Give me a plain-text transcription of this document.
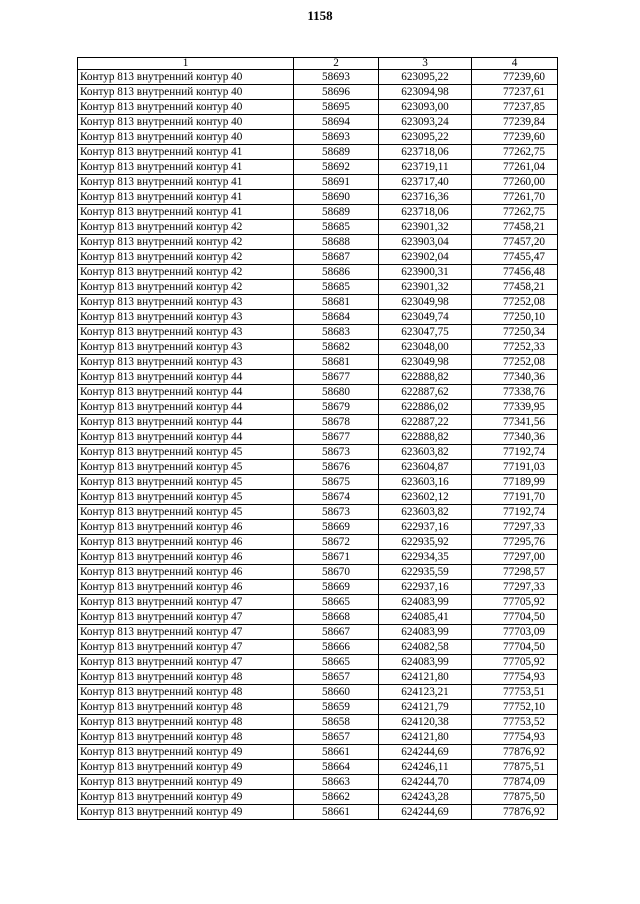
1158
1	2	3	4
Контур 813 внутренний контур 40	58693	623095,22	77239,60
Контур 813 внутренний контур 40	58696	623094,98	77237,61
Контур 813 внутренний контур 40	58695	623093,00	77237,85
Контур 813 внутренний контур 40	58694	623093,24	77239,84
Контур 813 внутренний контур 40	58693	623095,22	77239,60
Контур 813 внутренний контур 41	58689	623718,06	77262,75
Контур 813 внутренний контур 41	58692	623719,11	77261,04
Контур 813 внутренний контур 41	58691	623717,40	77260,00
Контур 813 внутренний контур 41	58690	623716,36	77261,70
Контур 813 внутренний контур 41	58689	623718,06	77262,75
Контур 813 внутренний контур 42	58685	623901,32	77458,21
Контур 813 внутренний контур 42	58688	623903,04	77457,20
Контур 813 внутренний контур 42	58687	623902,04	77455,47
Контур 813 внутренний контур 42	58686	623900,31	77456,48
Контур 813 внутренний контур 42	58685	623901,32	77458,21
Контур 813 внутренний контур 43	58681	623049,98	77252,08
Контур 813 внутренний контур 43	58684	623049,74	77250,10
Контур 813 внутренний контур 43	58683	623047,75	77250,34
Контур 813 внутренний контур 43	58682	623048,00	77252,33
Контур 813 внутренний контур 43	58681	623049,98	77252,08
Контур 813 внутренний контур 44	58677	622888,82	77340,36
Контур 813 внутренний контур 44	58680	622887,62	77338,76
Контур 813 внутренний контур 44	58679	622886,02	77339,95
Контур 813 внутренний контур 44	58678	622887,22	77341,56
Контур 813 внутренний контур 44	58677	622888,82	77340,36
Контур 813 внутренний контур 45	58673	623603,82	77192,74
Контур 813 внутренний контур 45	58676	623604,87	77191,03
Контур 813 внутренний контур 45	58675	623603,16	77189,99
Контур 813 внутренний контур 45	58674	623602,12	77191,70
Контур 813 внутренний контур 45	58673	623603,82	77192,74
Контур 813 внутренний контур 46	58669	622937,16	77297,33
Контур 813 внутренний контур 46	58672	622935,92	77295,76
Контур 813 внутренний контур 46	58671	622934,35	77297,00
Контур 813 внутренний контур 46	58670	622935,59	77298,57
Контур 813 внутренний контур 46	58669	622937,16	77297,33
Контур 813 внутренний контур 47	58665	624083,99	77705,92
Контур 813 внутренний контур 47	58668	624085,41	77704,50
Контур 813 внутренний контур 47	58667	624083,99	77703,09
Контур 813 внутренний контур 47	58666	624082,58	77704,50
Контур 813 внутренний контур 47	58665	624083,99	77705,92
Контур 813 внутренний контур 48	58657	624121,80	77754,93
Контур 813 внутренний контур 48	58660	624123,21	77753,51
Контур 813 внутренний контур 48	58659	624121,79	77752,10
Контур 813 внутренний контур 48	58658	624120,38	77753,52
Контур 813 внутренний контур 48	58657	624121,80	77754,93
Контур 813 внутренний контур 49	58661	624244,69	77876,92
Контур 813 внутренний контур 49	58664	624246,11	77875,51
Контур 813 внутренний контур 49	58663	624244,70	77874,09
Контур 813 внутренний контур 49	58662	624243,28	77875,50
Контур 813 внутренний контур 49	58661	624244,69	77876,92
